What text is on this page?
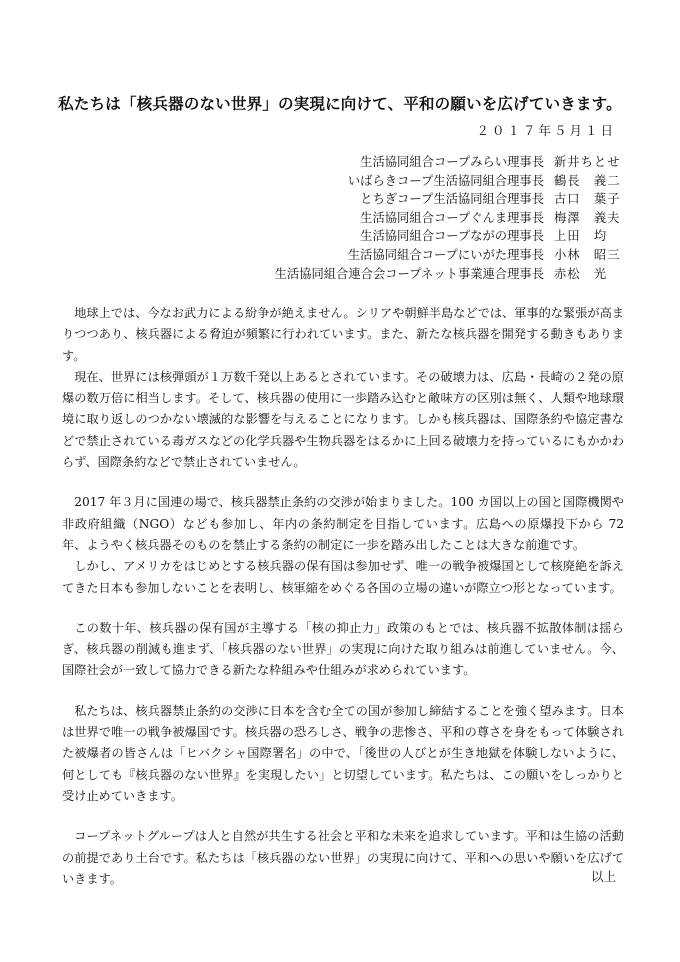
私たちは「核兵器のない世界」の実現に向けて、平和の願いを広げていきます。
２０１７年５月１日
生活協同組合コープみらい理事長 新井ちとせ
いばらきコープ生活協同組合理事長 鶴長　義二
とちぎコープ生活協同組合理事長 古口　葉子
生活協同組合コープぐんま理事長 梅澤　義夫
生活協同組合コープながの理事長 上田　均
生活協同組合コープにいがた理事長 小林　昭三
生活協同組合連合会コープネット事業連合理事長 赤松　光

地球上では、今なお武力による紛争が絶えません。シリアや朝鮮半島などでは、軍事的な緊張が高まりつつあり、核兵器による脅迫が頻繁に行われています。また、新たな核兵器を開発する動きもあります。

現在、世界には核弾頭が１万数千発以上あるとされています。その破壊力は、広島・長崎の２発の原爆の数万倍に相当します。そして、核兵器の使用に一歩踏み込むと敵味方の区別は無く、人類や地球環境に取り返しのつかない壊滅的な影響を与えることになります。しかも核兵器は、国際条約や協定書などで禁止されている毒ガスなどの化学兵器や生物兵器をはるかに上回る破壊力を持っているにもかかわらず、国際条約などで禁止されていません。

2017 年３月に国連の場で、核兵器禁止条約の交渉が始まりました。100 カ国以上の国と国際機関や非政府組織（NGO）なども参加し、年内の条約制定を目指しています。広島への原爆投下から 72 年、ようやく核兵器そのものを禁止する条約の制定に一歩を踏み出したことは大きな前進です。

しかし、アメリカをはじめとする核兵器の保有国は参加せず、唯一の戦争被爆国として核廃絶を訴えてきた日本も参加しないことを表明し、核軍縮をめぐる各国の立場の違いが際立つ形となっています。

この数十年、核兵器の保有国が主導する「核の抑止力」政策のもとでは、核兵器不拡散体制は揺らぎ、核兵器の削減も進まず、「核兵器のない世界」の実現に向けた取り組みは前進していません。今、国際社会が一致して協力できる新たな枠組みや仕組みが求められています。

私たちは、核兵器禁止条約の交渉に日本を含む全ての国が参加し締結することを強く望みます。日本は世界で唯一の戦争被爆国です。核兵器の恐ろしさ、戦争の悲惨さ、平和の尊さを身をもって体験された被爆者の皆さんは「ヒバクシャ国際署名」の中で、「後世の人びとが生き地獄を体験しないように、何としても『核兵器のない世界』を実現したい」と切望しています。私たちは、この願いをしっかりと受け止めていきます。

コープネットグループは人と自然が共生する社会と平和な未来を追求しています。平和は生協の活動の前提であり土台です。私たちは「核兵器のない世界」の実現に向けて、平和への思いや願いを広げていきます。	以上
